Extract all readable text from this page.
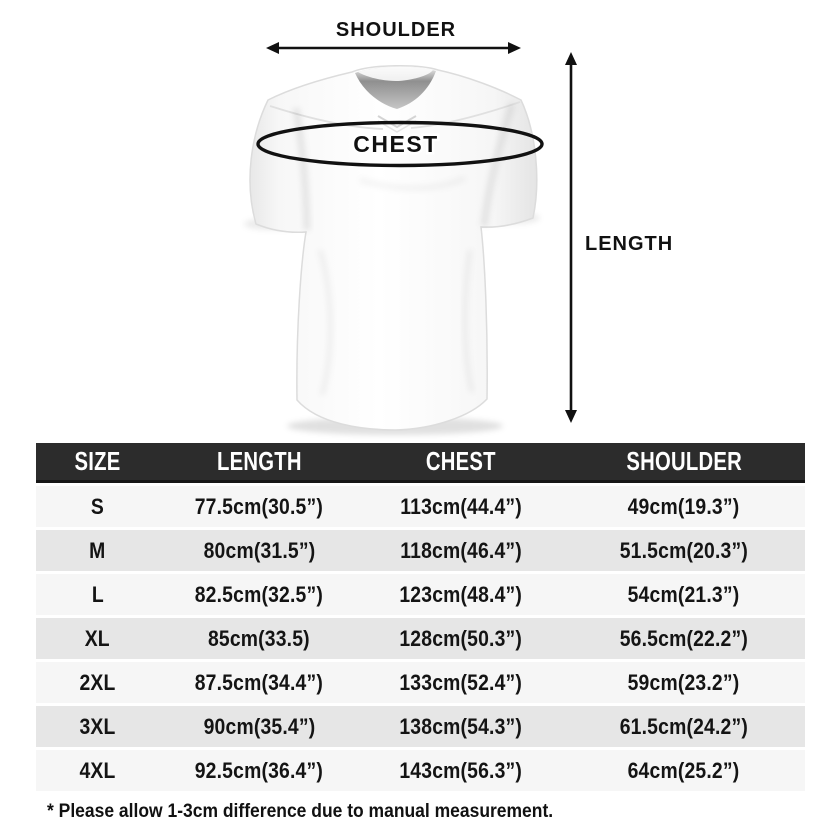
SHOULDER
CHEST
LENGTH
SIZE	LENGTH	CHEST	SHOULDER
S	77.5cm(30.5”)	113cm(44.4”)	49cm(19.3”)
M	80cm(31.5”)	118cm(46.4”)	51.5cm(20.3”)
L	82.5cm(32.5”)	123cm(48.4”)	54cm(21.3”)
XL	85cm(33.5)	128cm(50.3”)	56.5cm(22.2”)
2XL	87.5cm(34.4”)	133cm(52.4”)	59cm(23.2”)
3XL	90cm(35.4”)	138cm(54.3”)	61.5cm(24.2”)
4XL	92.5cm(36.4”)	143cm(56.3”)	64cm(25.2”)
* Please allow 1-3cm difference due to manual measurement.
